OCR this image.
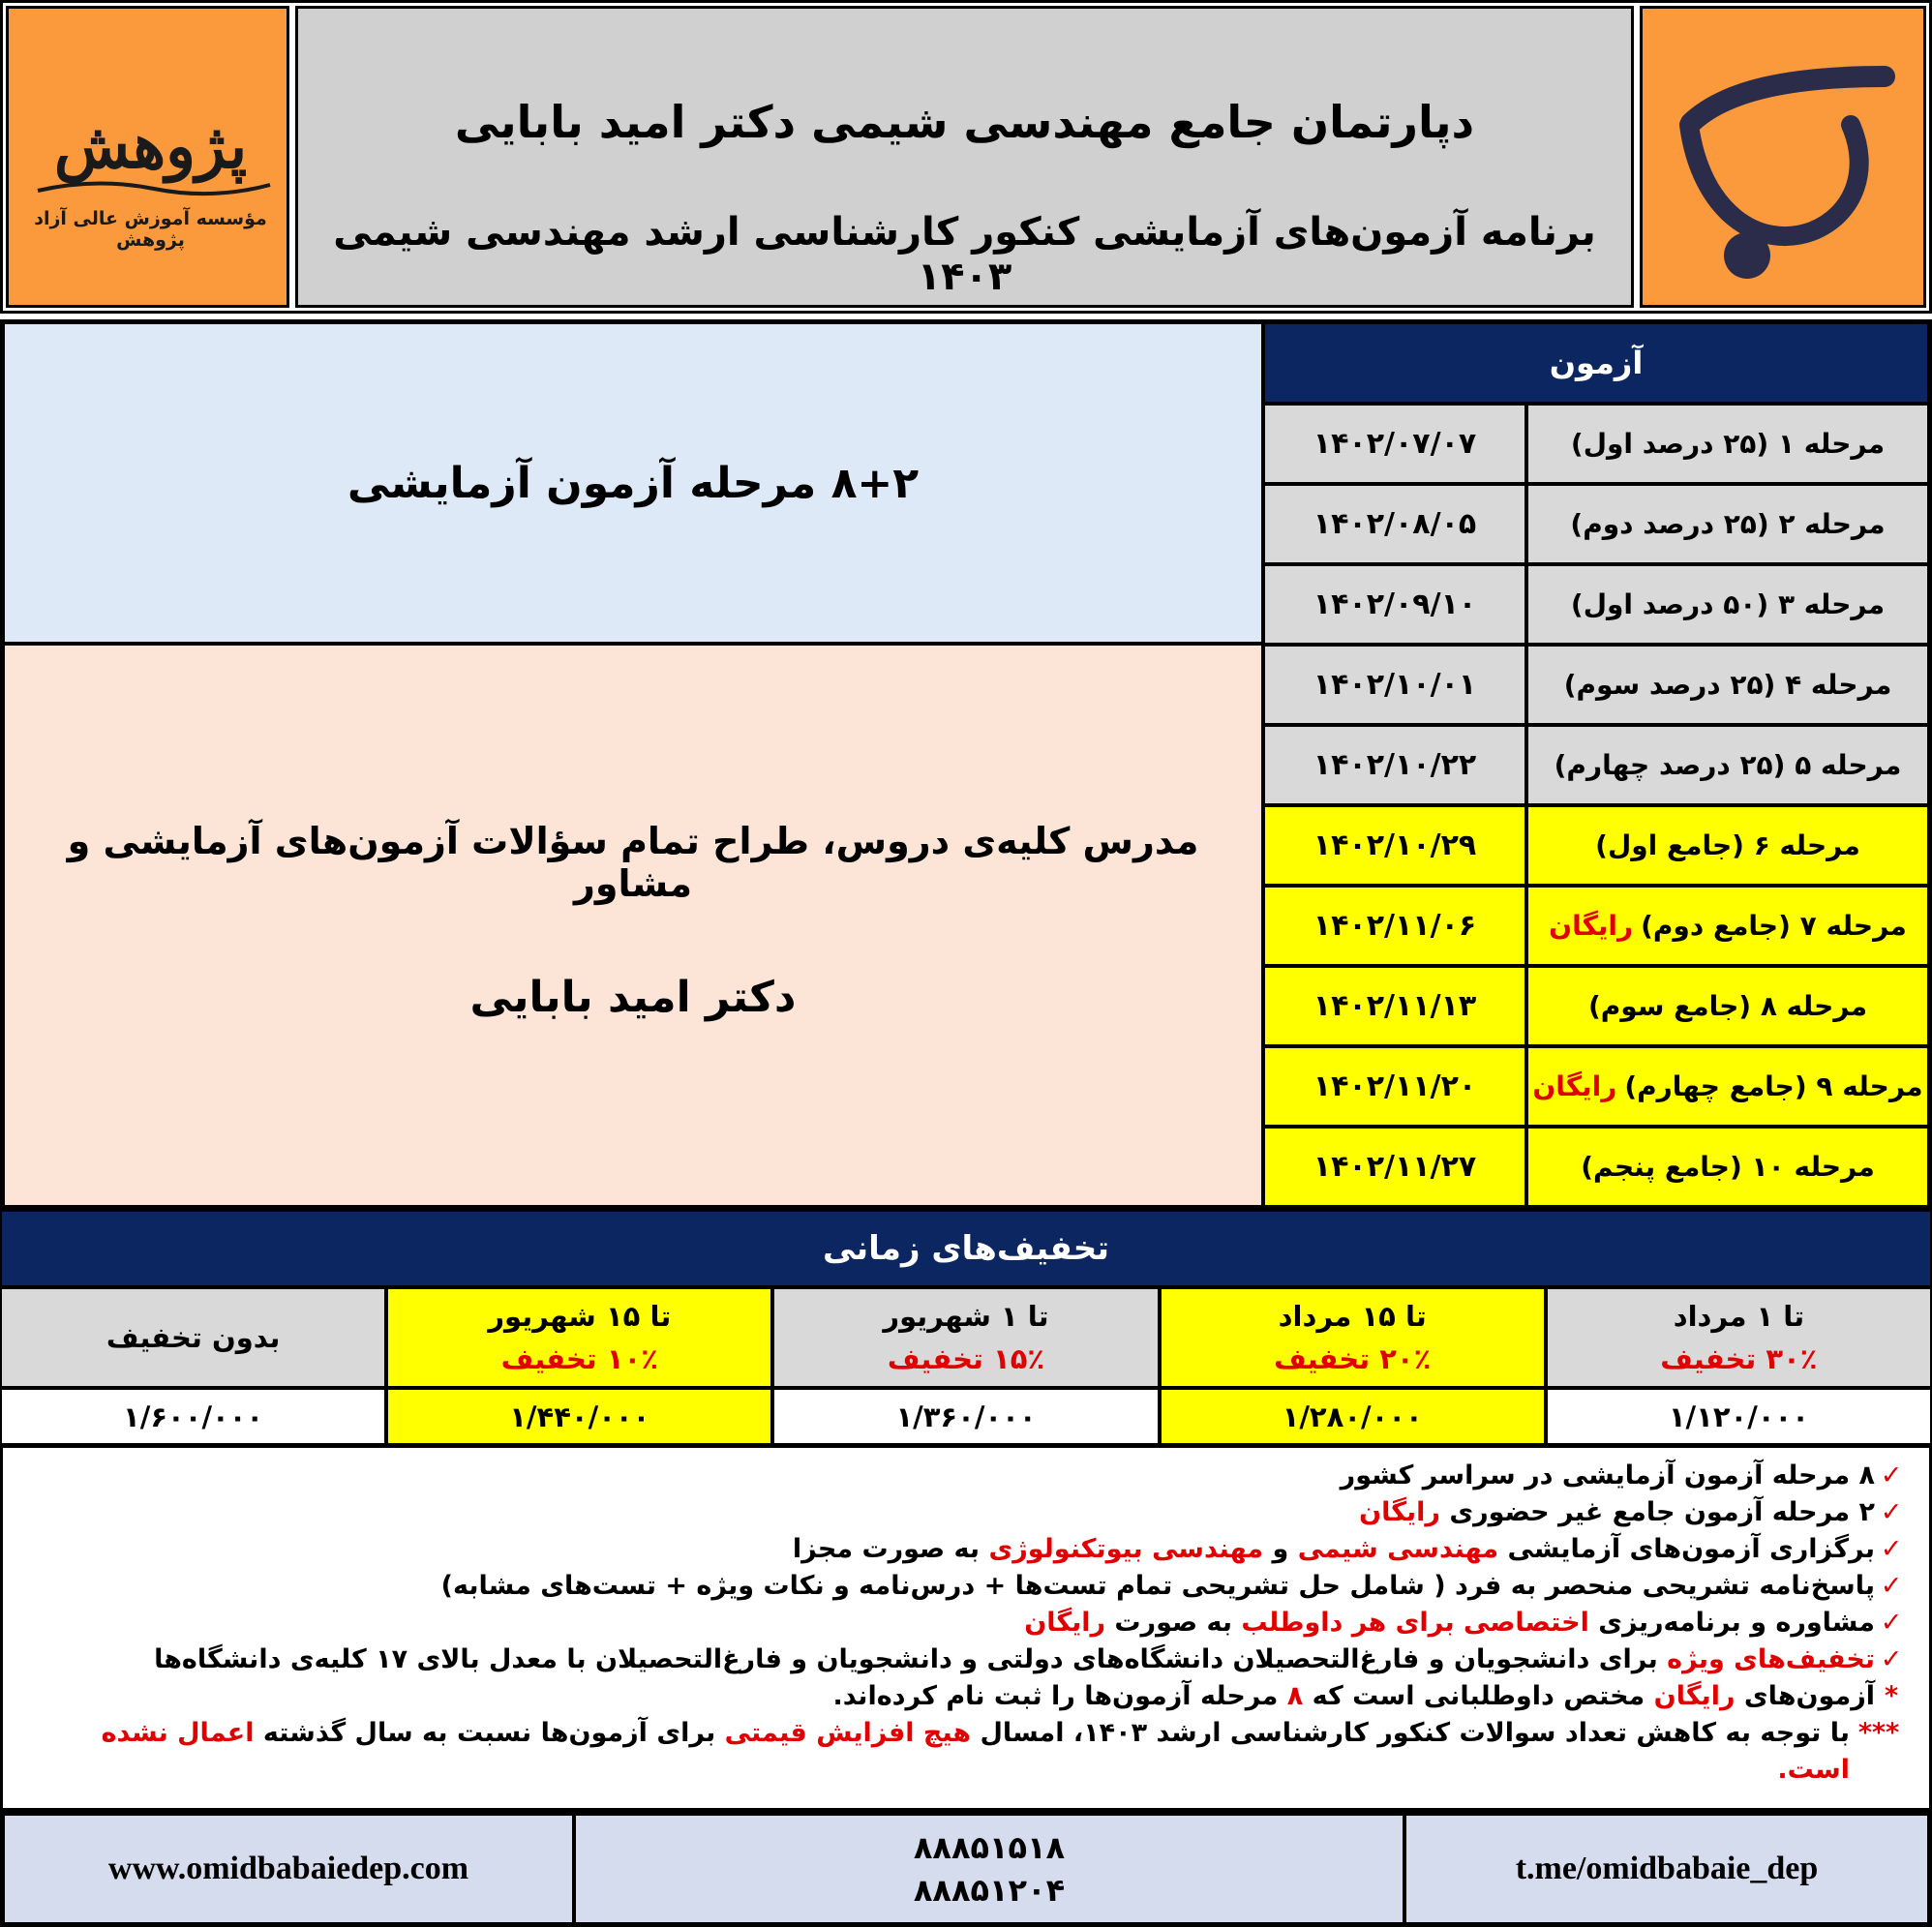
پژوهش
مؤسسه آموزش عالی آزاد پژوهش
دپارتمان جامع مهندسی شیمی دکتر امید بابایی
برنامه آزمون‌های آزمایشی کنکور کارشناسی ارشد مهندسی شیمی ۱۴۰۳
۸+۲ مرحله آزمون آزمایشی
مدرس کلیه‌ی دروس، طراح تمام سؤالات آزمون‌های آزمایشی و مشاور
دکتر امید بابایی
آزمون
مرحله ۱ (۲۵ درصد اول)
۱۴۰۲/۰۷/۰۷
مرحله ۲ (۲۵ درصد دوم)
۱۴۰۲/۰۸/۰۵
مرحله ۳ (۵۰ درصد اول)
۱۴۰۲/۰۹/۱۰
مرحله ۴ (۲۵ درصد سوم)
۱۴۰۲/۱۰/۰۱
مرحله ۵ (۲۵ درصد چهارم)
۱۴۰۲/۱۰/۲۲
مرحله ۶ (جامع اول)
۱۴۰۲/۱۰/۲۹
مرحله ۷ (جامع دوم)
رایگان
۱۴۰۲/۱۱/۰۶
مرحله ۸ (جامع سوم)
۱۴۰۲/۱۱/۱۳
مرحله ۹ (جامع چهارم)
رایگان
۱۴۰۲/۱۱/۲۰
مرحله ۱۰ (جامع پنجم)
۱۴۰۲/۱۱/۲۷
تخفیف‌های زمانی
تا ۱ مرداد
۳۰٪ تخفیف
۱/۱۲۰/۰۰۰
تا ۱۵ مرداد
۲۰٪ تخفیف
۱/۲۸۰/۰۰۰
تا ۱ شهریور
۱۵٪ تخفیف
۱/۳۶۰/۰۰۰
تا ۱۵ شهریور
۱۰٪ تخفیف
۱/۴۴۰/۰۰۰
بدون تخفیف
۱/۶۰۰/۰۰۰
✓
۸ مرحله آزمون آزمایشی در سراسر کشور
✓
۲ مرحله آزمون جامع غیر حضوری رایگان
✓
برگزاری آزمون‌های آزمایشی مهندسی شیمی و مهندسی بیوتکنولوژی به صورت مجزا
✓
پاسخ‌نامه تشریحی منحصر به فرد ( شامل حل تشریحی تمام تست‌ها + درس‌نامه و نکات ویژه + تست‌های مشابه)
✓
مشاوره و برنامه‌ریزی اختصاصی برای هر داوطلب به صورت رایگان
✓
تخفیف‌های ویژه برای دانشجویان و فارغ‌التحصیلان دانشگاه‌های دولتی و دانشجویان و فارغ‌التحصیلان با معدل بالای ۱۷ کلیه‌ی دانشگاه‌ها
*
آزمون‌های رایگان مختص داوطلبانی است که ۸ مرحله آزمون‌ها را ثبت نام کرده‌اند.
***
با توجه به کاهش تعداد سوالات کنکور کارشناسی ارشد ۱۴۰۳، امسال هیچ افزایش قیمتی برای آزمون‌ها نسبت به سال گذشته اعمال نشده است.
www.omidbabaiedep.com
۸۸۸۵۱۵۱۸
۸۸۸۵۱۲۰۴
t.me/omidbabaie_dep
